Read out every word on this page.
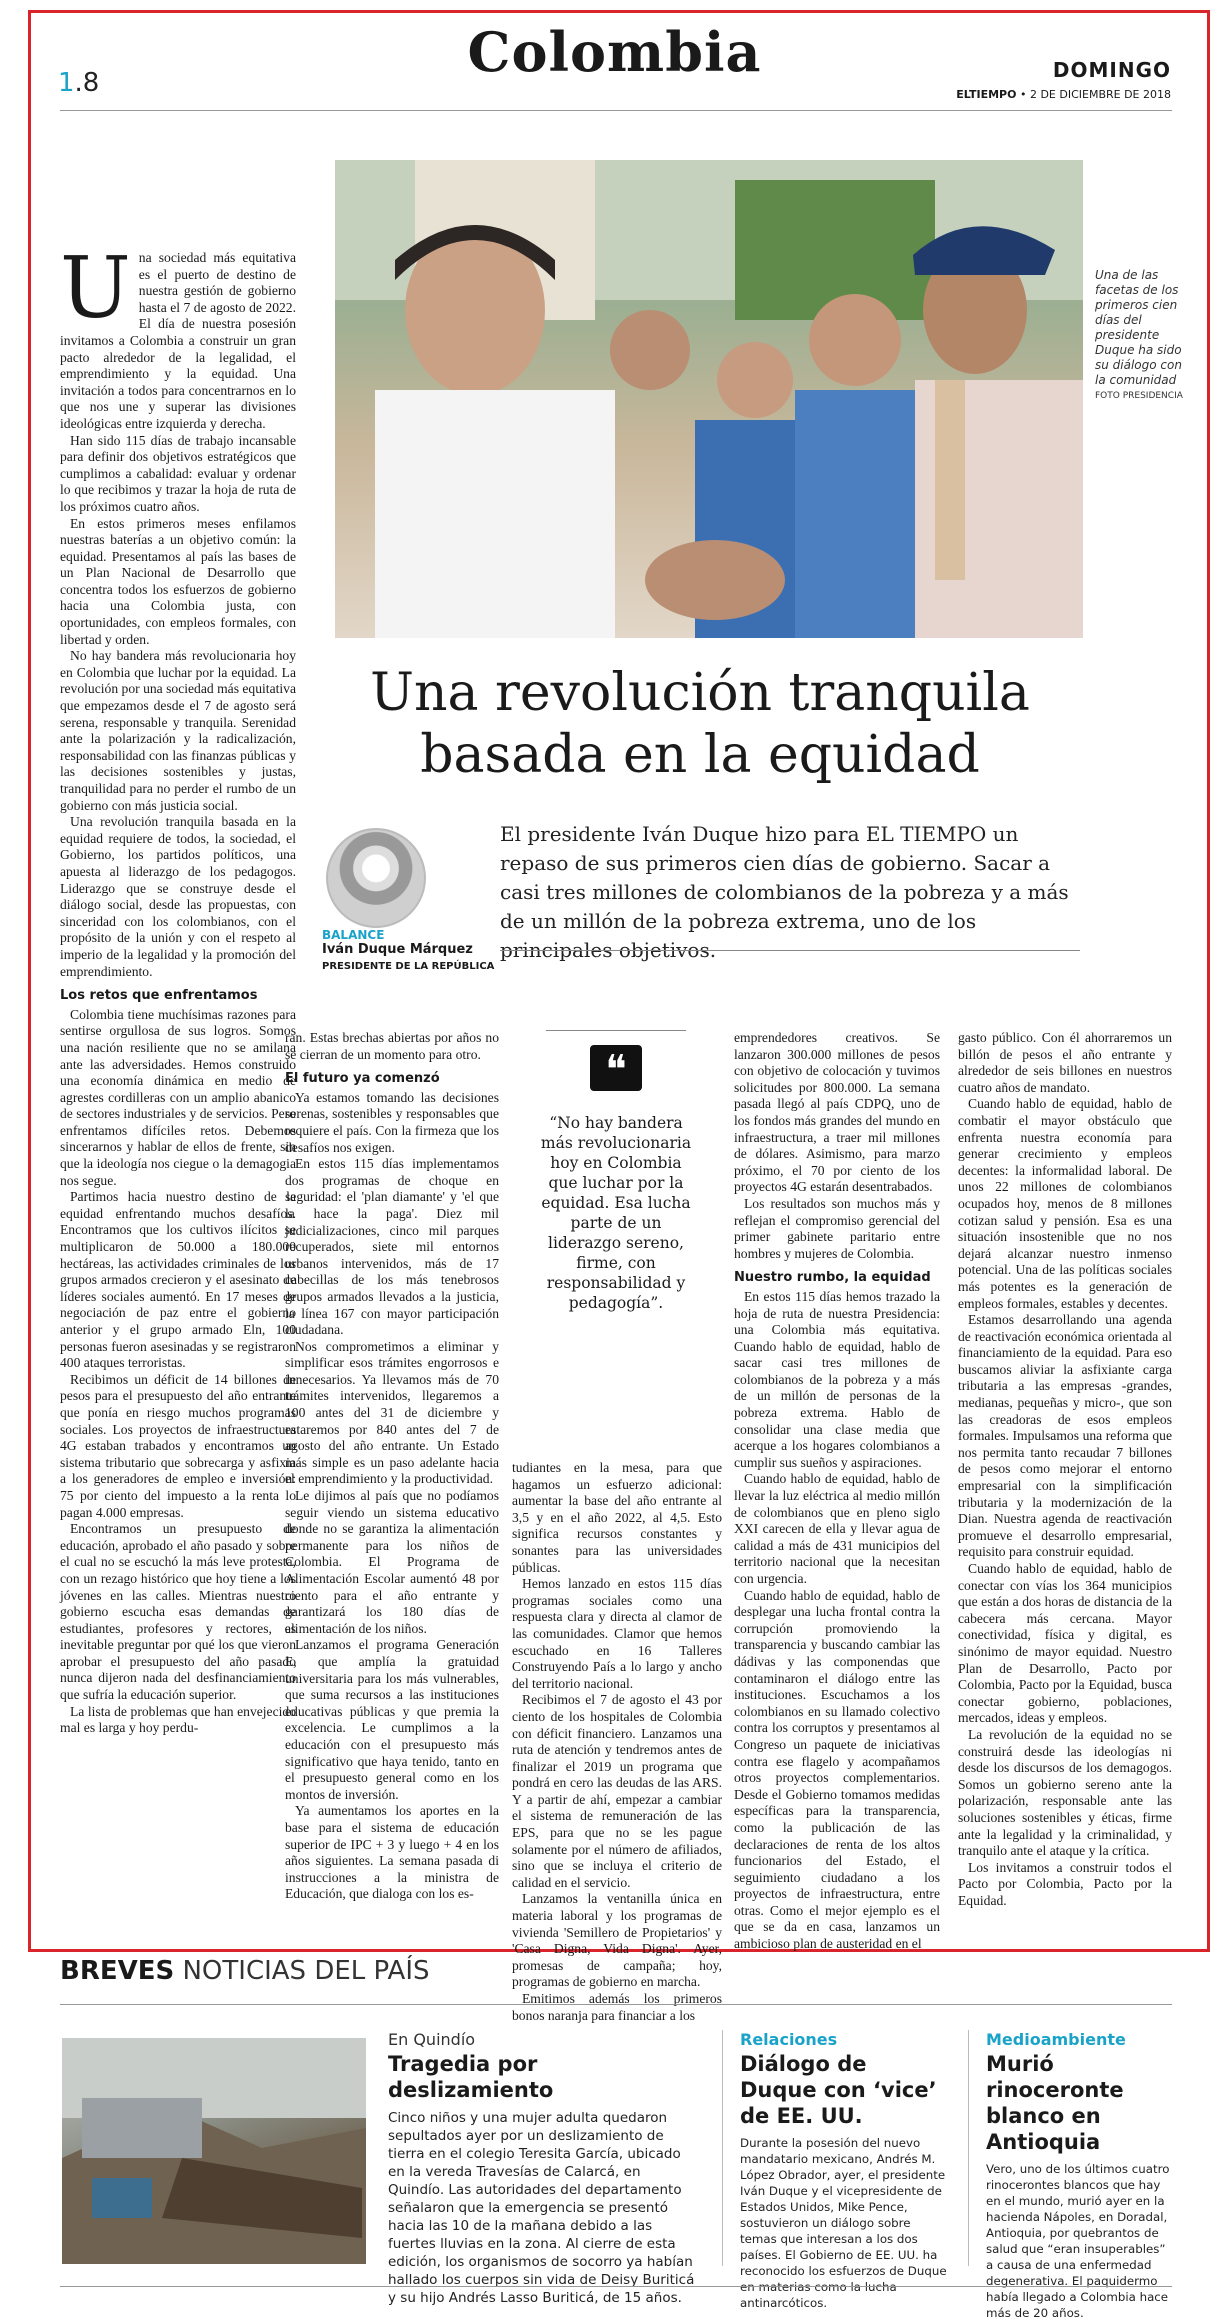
1.8	Colombia	DOMINGO
ELTIEMPO • 2 DE DICIEMBRE DE 2018
Una de las facetas de los primeros cien días del presidente Duque ha sido su diálogo con la comunidad
FOTO PRESIDENCIA
Una revolución tranquila basada en la equidad
El presidente Iván Duque hizo para EL TIEMPO un repaso de sus primeros cien días de gobierno. Sacar a casi tres millones de colombianos de la pobreza y a más de un millón de la pobreza extrema, uno de los principales objetivos.
BALANCE
Iván Duque Márquez
PRESIDENTE DE LA REPÚBLICA
U na sociedad más equitativa es el puerto de destino de nuestra gestión de gobierno hasta el 7 de agosto de 2022. El día de nuestra posesión invitamos a Colombia a construir un gran pacto alrededor de la legalidad, el emprendimiento y la equidad. Una invitación a todos para concentrarnos en lo que nos une y superar las divisiones ideológicas entre izquierda y derecha.

Han sido 115 días de trabajo incansable para definir dos objetivos estratégicos que cumplimos a cabalidad: evaluar y ordenar lo que recibimos y trazar la hoja de ruta de los próximos cuatro años.

En estos primeros meses enfilamos nuestras baterías a un objetivo común: la equidad. Presentamos al país las bases de un Plan Nacional de Desarrollo que concentra todos los esfuerzos de gobierno hacia una Colombia justa, con oportunidades, con empleos formales, con libertad y orden.

No hay bandera más revolucionaria hoy en Colombia que luchar por la equidad. La revolución por una sociedad más equitativa que empezamos desde el 7 de agosto será serena, responsable y tranquila. Serenidad ante la polarización y la radicalización, responsabilidad con las finanzas públicas y las decisiones sostenibles y justas, tranquilidad para no perder el rumbo de un gobierno con más justicia social.

Una revolución tranquila basada en la equidad requiere de todos, la sociedad, el Gobierno, los partidos políticos, una apuesta al liderazgo de los pedagogos. Liderazgo que se construye desde el diálogo social, desde las propuestas, con sinceridad con los colombianos, con el propósito de la unión y con el respeto al imperio de la legalidad y la promoción del emprendimiento.

Los retos que enfrentamos

Colombia tiene muchísimas razones para sentirse orgullosa de sus logros. Somos una nación resiliente que no se amilana ante las adversidades. Hemos construido una economía dinámica en medio de agrestes cordilleras con un amplio abanico de sectores industriales y de servicios. Pero enfrentamos difíciles retos. Debemos sincerarnos y hablar de ellos de frente, sin que la ideología nos ciegue o la demagogia nos segue.

Partimos hacia nuestro destino de la equidad enfrentando muchos desafíos. Encontramos que los cultivos ilícitos se multiplicaron de 50.000 a 180.000 hectáreas, las actividades criminales de los grupos armados crecieron y el asesinato de líderes sociales aumentó. En 17 meses de negociación de paz entre el gobierno anterior y el grupo armado Eln, 100 personas fueron asesinadas y se registraron 400 ataques terroristas.

Recibimos un déficit de 14 billones de pesos para el presupuesto del año entrante que ponía en riesgo muchos programas sociales. Los proyectos de infraestructura 4G estaban trabados y encontramos un sistema tributario que sobrecarga y asfixia a los generadores de empleo e inversión: 75 por ciento del impuesto a la renta lo pagan 4.000 empresas.

Encontramos un presupuesto de educación, aprobado el año pasado y sobre el cual no se escuchó la más leve protesta, con un rezago histórico que hoy tiene a los jóvenes en las calles. Mientras nuestro gobierno escucha esas demandas de estudiantes, profesores y rectores, es inevitable preguntar por qué los que vieron aprobar el presupuesto del año pasado nunca dijeron nada del desfinanciamiento que sufría la educación superior.

La lista de problemas que han envejecido mal es larga y hoy perdu-

ran. Estas brechas abiertas por años no se cierran de un momento para otro.

El futuro ya comenzó

Ya estamos tomando las decisiones serenas, sostenibles y responsables que requiere el país. Con la firmeza que los desafíos nos exigen.

En estos 115 días implementamos dos programas de choque en seguridad: el 'plan diamante' y 'el que la hace la paga'. Diez mil judicializaciones, cinco mil parques recuperados, siete mil entornos urbanos intervenidos, más de 17 cabecillas de los más tenebrosos grupos armados llevados a la justicia, la línea 167 con mayor participación ciudadana.

Nos comprometimos a eliminar y simplificar esos trámites engorrosos e innecesarios. Ya llevamos más de 70 trámites intervenidos, llegaremos a 100 antes del 31 de diciembre y estaremos por 840 antes del 7 de agosto del año entrante. Un Estado más simple es un paso adelante hacia el emprendimiento y la productividad.

Le dijimos al país que no podíamos seguir viendo un sistema educativo donde no se garantiza la alimentación permanente para los niños de Colombia. El Programa de Alimentación Escolar aumentó 48 por ciento para el año entrante y garantizará los 180 días de alimentación de los niños.

Lanzamos el programa Generación E, que amplía la gratuidad universitaria para los más vulnerables, que suma recursos a las instituciones educativas públicas y que premia la excelencia. Le cumplimos a la educación con el presupuesto más significativo que haya tenido, tanto en el presupuesto general como en los montos de inversión.

Ya aumentamos los aportes en la base para el sistema de educación superior de IPC + 3 y luego + 4 en los años siguientes. La semana pasada di instrucciones a la ministra de Educación, que dialoga con los es-

❝
“No hay bandera más revolucionaria hoy en Colombia que luchar por la equidad. Esa lucha parte de un liderazgo sereno, firme, con responsabilidad y pedagogía”.

tudiantes en la mesa, para que hagamos un esfuerzo adicional: aumentar la base del año entrante al 3,5 y en el año 2022, al 4,5. Esto significa recursos constantes y sonantes para las universidades públicas.

Hemos lanzado en estos 115 días programas sociales como una respuesta clara y directa al clamor de las comunidades. Clamor que hemos escuchado en 16 Talleres Construyendo País a lo largo y ancho del territorio nacional.

Recibimos el 7 de agosto el 43 por ciento de los hospitales de Colombia con déficit financiero. Lanzamos una ruta de atención y tendremos antes de finalizar el 2019 un programa que pondrá en cero las deudas de las ARS. Y a partir de ahí, empezar a cambiar el sistema de remuneración de las EPS, para que no se les pague solamente por el número de afiliados, sino que se incluya el criterio de calidad en el servicio.

Lanzamos la ventanilla única en materia laboral y los programas de vivienda 'Semillero de Propietarios' y 'Casa Digna, Vida Digna'. Ayer, promesas de campaña; hoy, programas de gobierno en marcha.

Emitimos además los primeros bonos naranja para financiar a los

emprendedores creativos. Se lanzaron 300.000 millones de pesos con objetivo de colocación y tuvimos solicitudes por 800.000. La semana pasada llegó al país CDPQ, uno de los fondos más grandes del mundo en infraestructura, a traer mil millones de dólares. Asimismo, para marzo próximo, el 70 por ciento de los proyectos 4G estarán desentrabados.

Los resultados son muchos más y reflejan el compromiso gerencial del primer gabinete paritario entre hombres y mujeres de Colombia.

Nuestro rumbo, la equidad

En estos 115 días hemos trazado la hoja de ruta de nuestra Presidencia: una Colombia más equitativa. Cuando hablo de equidad, hablo de sacar casi tres millones de colombianos de la pobreza y a más de un millón de personas de la pobreza extrema. Hablo de consolidar una clase media que acerque a los hogares colombianos a cumplir sus sueños y aspiraciones.

Cuando hablo de equidad, hablo de llevar la luz eléctrica al medio millón de colombianos que en pleno siglo XXI carecen de ella y llevar agua de calidad a más de 431 municipios del territorio nacional que la necesitan con urgencia.

Cuando hablo de equidad, hablo de desplegar una lucha frontal contra la corrupción promoviendo la transparencia y buscando cambiar las dádivas y las componendas que contaminaron el diálogo entre las instituciones. Escuchamos a los colombianos en su llamado colectivo contra los corruptos y presentamos al Congreso un paquete de iniciativas contra ese flagelo y acompañamos otros proyectos complementarios. Desde el Gobierno tomamos medidas específicas para la transparencia, como la publicación de las declaraciones de renta de los altos funcionarios del Estado, el seguimiento ciudadano a los proyectos de infraestructura, entre otras. Como el mejor ejemplo es el que se da en casa, lanzamos un ambicioso plan de austeridad en el

gasto público. Con él ahorraremos un billón de pesos el año entrante y alrededor de seis billones en nuestros cuatro años de mandato.

Cuando hablo de equidad, hablo de combatir el mayor obstáculo que enfrenta nuestra economía para generar crecimiento y empleos decentes: la informalidad laboral. De unos 22 millones de colombianos ocupados hoy, menos de 8 millones cotizan salud y pensión. Esa es una situación insostenible que no nos dejará alcanzar nuestro inmenso potencial. Una de las políticas sociales más potentes es la generación de empleos formales, estables y decentes.

Estamos desarrollando una agenda de reactivación económica orientada al financiamiento de la equidad. Para eso buscamos aliviar la asfixiante carga tributaria a las empresas -grandes, medianas, pequeñas y micro-, que son las creadoras de esos empleos formales. Impulsamos una reforma que nos permita tanto recaudar 7 billones de pesos como mejorar el entorno empresarial con la simplificación tributaria y la modernización de la Dian. Nuestra agenda de reactivación promueve el desarrollo empresarial, requisito para construir equidad.

Cuando hablo de equidad, hablo de conectar con vías los 364 municipios que están a dos horas de distancia de la cabecera más cercana. Mayor conectividad, física y digital, es sinónimo de mayor equidad. Nuestro Plan de Desarrollo, Pacto por Colombia, Pacto por la Equidad, busca conectar gobierno, poblaciones, mercados, ideas y empleos.

La revolución de la equidad no se construirá desde las ideologías ni desde los discursos de los demagogos. Somos un gobierno sereno ante la polarización, responsable ante las soluciones sostenibles y éticas, firme ante la legalidad y la criminalidad, y tranquilo ante el ataque y la crítica.

Los invitamos a construir todos el Pacto por Colombia, Pacto por la Equidad.

BREVES NOTICIAS DEL PAÍS
En Quindío
Tragedia por deslizamiento
Cinco niños y una mujer adulta quedaron sepultados ayer por un deslizamiento de tierra en el colegio Teresita García, ubicado en la vereda Travesías de Calarcá, en Quindío. Las autoridades del departamento señalaron que la emergencia se presentó hacia las 10 de la mañana debido a las fuertes lluvias en la zona. Al cierre de esta edición, los organismos de socorro ya habían hallado los cuerpos sin vida de Deisy Buriticá y su hijo Andrés Lasso Buriticá, de 15 años.
Relaciones
Diálogo de Duque con ‘vice’ de EE. UU.
Durante la posesión del nuevo mandatario mexicano, Andrés M. López Obrador, ayer, el presidente Iván Duque y el vicepresidente de Estados Unidos, Mike Pence, sostuvieron un diálogo sobre temas que interesan a los dos países. El Gobierno de EE. UU. ha reconocido los esfuerzos de Duque en materias como la lucha antinarcóticos.
Medioambiente
Murió rinoceronte blanco en Antioquia
Vero, uno de los últimos cuatro rinocerontes blancos que hay en el mundo, murió ayer en la hacienda Nápoles, en Doradal, Antioquia, por quebrantos de salud que “eran insuperables” a causa de una enfermedad degenerativa. El paquidermo había llegado a Colombia hace más de 20 años.
